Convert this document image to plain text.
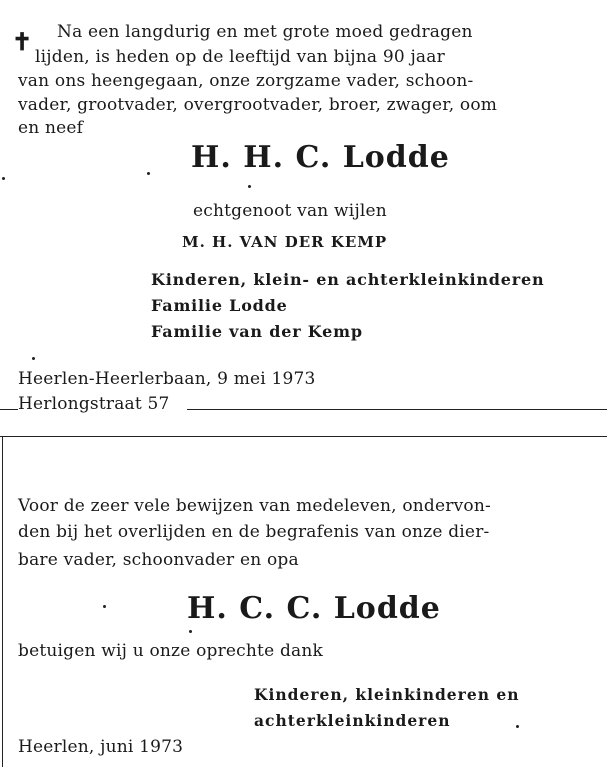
✝ Na een langdurig en met grote moed gedragen
lijden, is heden op de leeftijd van bijna 90 jaar
van ons heengegaan, onze zorgzame vader, schoon-
vader, grootvader, overgrootvader, broer, zwager, oom
en neef
H. H. C. Lodde
echtgenoot van wijlen
M. H. VAN DER KEMP
Kinderen, klein- en achterkleinkinderen
Familie Lodde
Familie van der Kemp
Heerlen-Heerlerbaan, 9 mei 1973
Herlongstraat 57
Voor de zeer vele bewijzen van medeleven, ondervon-
den bij het overlijden en de begrafenis van onze dier-
bare vader, schoonvader en opa
H. C. C. Lodde
betuigen wij u onze oprechte dank
Kinderen, kleinkinderen en
achterkleinkinderen
Heerlen, juni 1973
